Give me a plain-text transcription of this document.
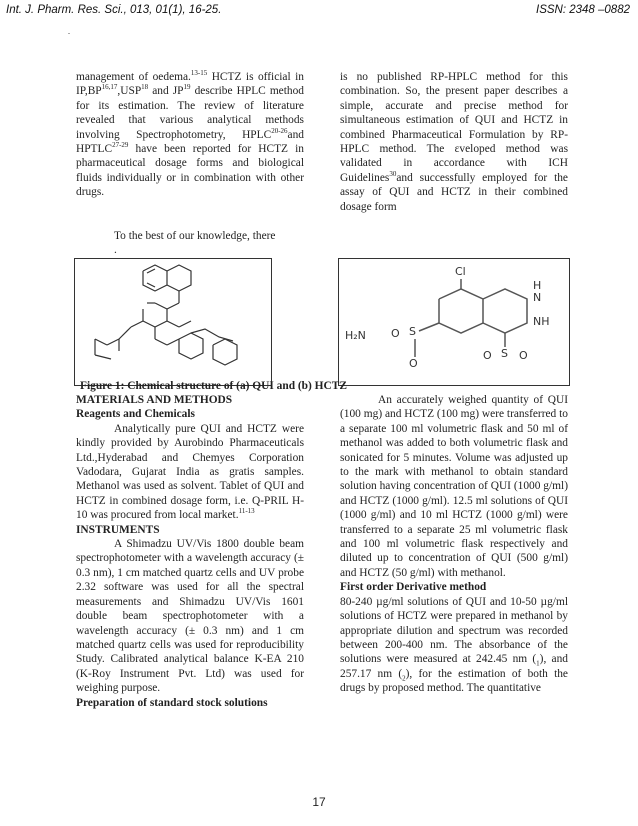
Int. J. Pharm. Res. Sci., 013, 01(1), 16-25.	ISSN: 2348 –0882
.

management of oedema.$^{13-15}$ HCTZ is official in IP,BP$^{16,17}$,USP$^{18}$ and JP$^{19}$ describe HPLC method for its estimation. The review of literature revealed that various analytical methods involving Spectrophotometry, HPLC$^{20-26}$and HPTLC$^{27-29}$ have been reported for HCTZ in pharmaceutical dosage forms and biological fluids individually or in combination with other drugs.

To the best of our knowledge, there

.

is no published RP-HPLC method for this combination. So, the present paper describes a simple, accurate and precise method for simultaneous estimation of QUI and HCTZ in combined Pharmaceutical Formulation by RP-HPLC method. The ɛveloped method was validated in accordance with ICH Guidelines$^{30}$and successfully employed for the assay of QUI and HCTZ in their combined dosage form

Cl
H
N
NH
H₂N	S
O
O
S
O O
Figure 1: Chemical structure of (a) QUI and (b) HCTZ

MATERIALS AND METHODS

Reagents and Chemicals

Analytically pure QUI and HCTZ were kindly provided by Aurobindo Pharmaceuticals Ltd.,Hyderabad and Chemyes Corporation Vadodara, Gujarat India as gratis samples. Methanol was used as solvent. Tablet of QUI and HCTZ in combined dosage form, i.e. Q-PRIL H-10 was procured from local market.$^{11-13}$

INSTRUMENTS

A Shimadzu UV/Vis 1800 double beam spectrophotometer with a wavelength accuracy (± 0.3 nm), 1 cm matched quartz cells and UV probe 2.32 software was used for all the spectral measurements and Shimadzu UV/Vis 1601 double beam spectrophotometer with a wavelength accuracy (± 0.3 nm) and 1 cm matched quartz cells was used for reproducibility Study. Calibrated analytical balance K-EA 210 (K-Roy Instrument Pvt. Ltd) was used for weighing purpose.

Preparation of standard stock solutions

An accurately weighed quantity of QUI (100 mg) and HCTZ (100 mg) were transferred to a separate 100 ml volumetric flask and 50 ml of methanol was added to both volumetric flask and sonicated for 5 minutes. Volume was adjusted up to the mark with methanol to obtain standard solution having concentration of QUI (1000 g/ml) and HCTZ (1000 g/ml). 12.5 ml solutions of QUI (1000 g/ml) and 10 ml HCTZ (1000 g/ml) were transferred to a separate 25 ml volumetric flask and 100 ml volumetric flask respectively and diluted up to concentration of QUI (500 g/ml) and HCTZ (50 g/ml) with methanol.

First order Derivative method

80-240 µg/ml solutions of QUI and 10-50 µg/ml solutions of HCTZ were prepared in methanol by appropriate dilution and spectrum was recorded between 200-400 nm. The absorbance of the solutions were measured at 242.45 nm $(_1)$, and 257.17 nm $(_2)$, for the estimation of both the drugs by proposed method. The quantitative

17
